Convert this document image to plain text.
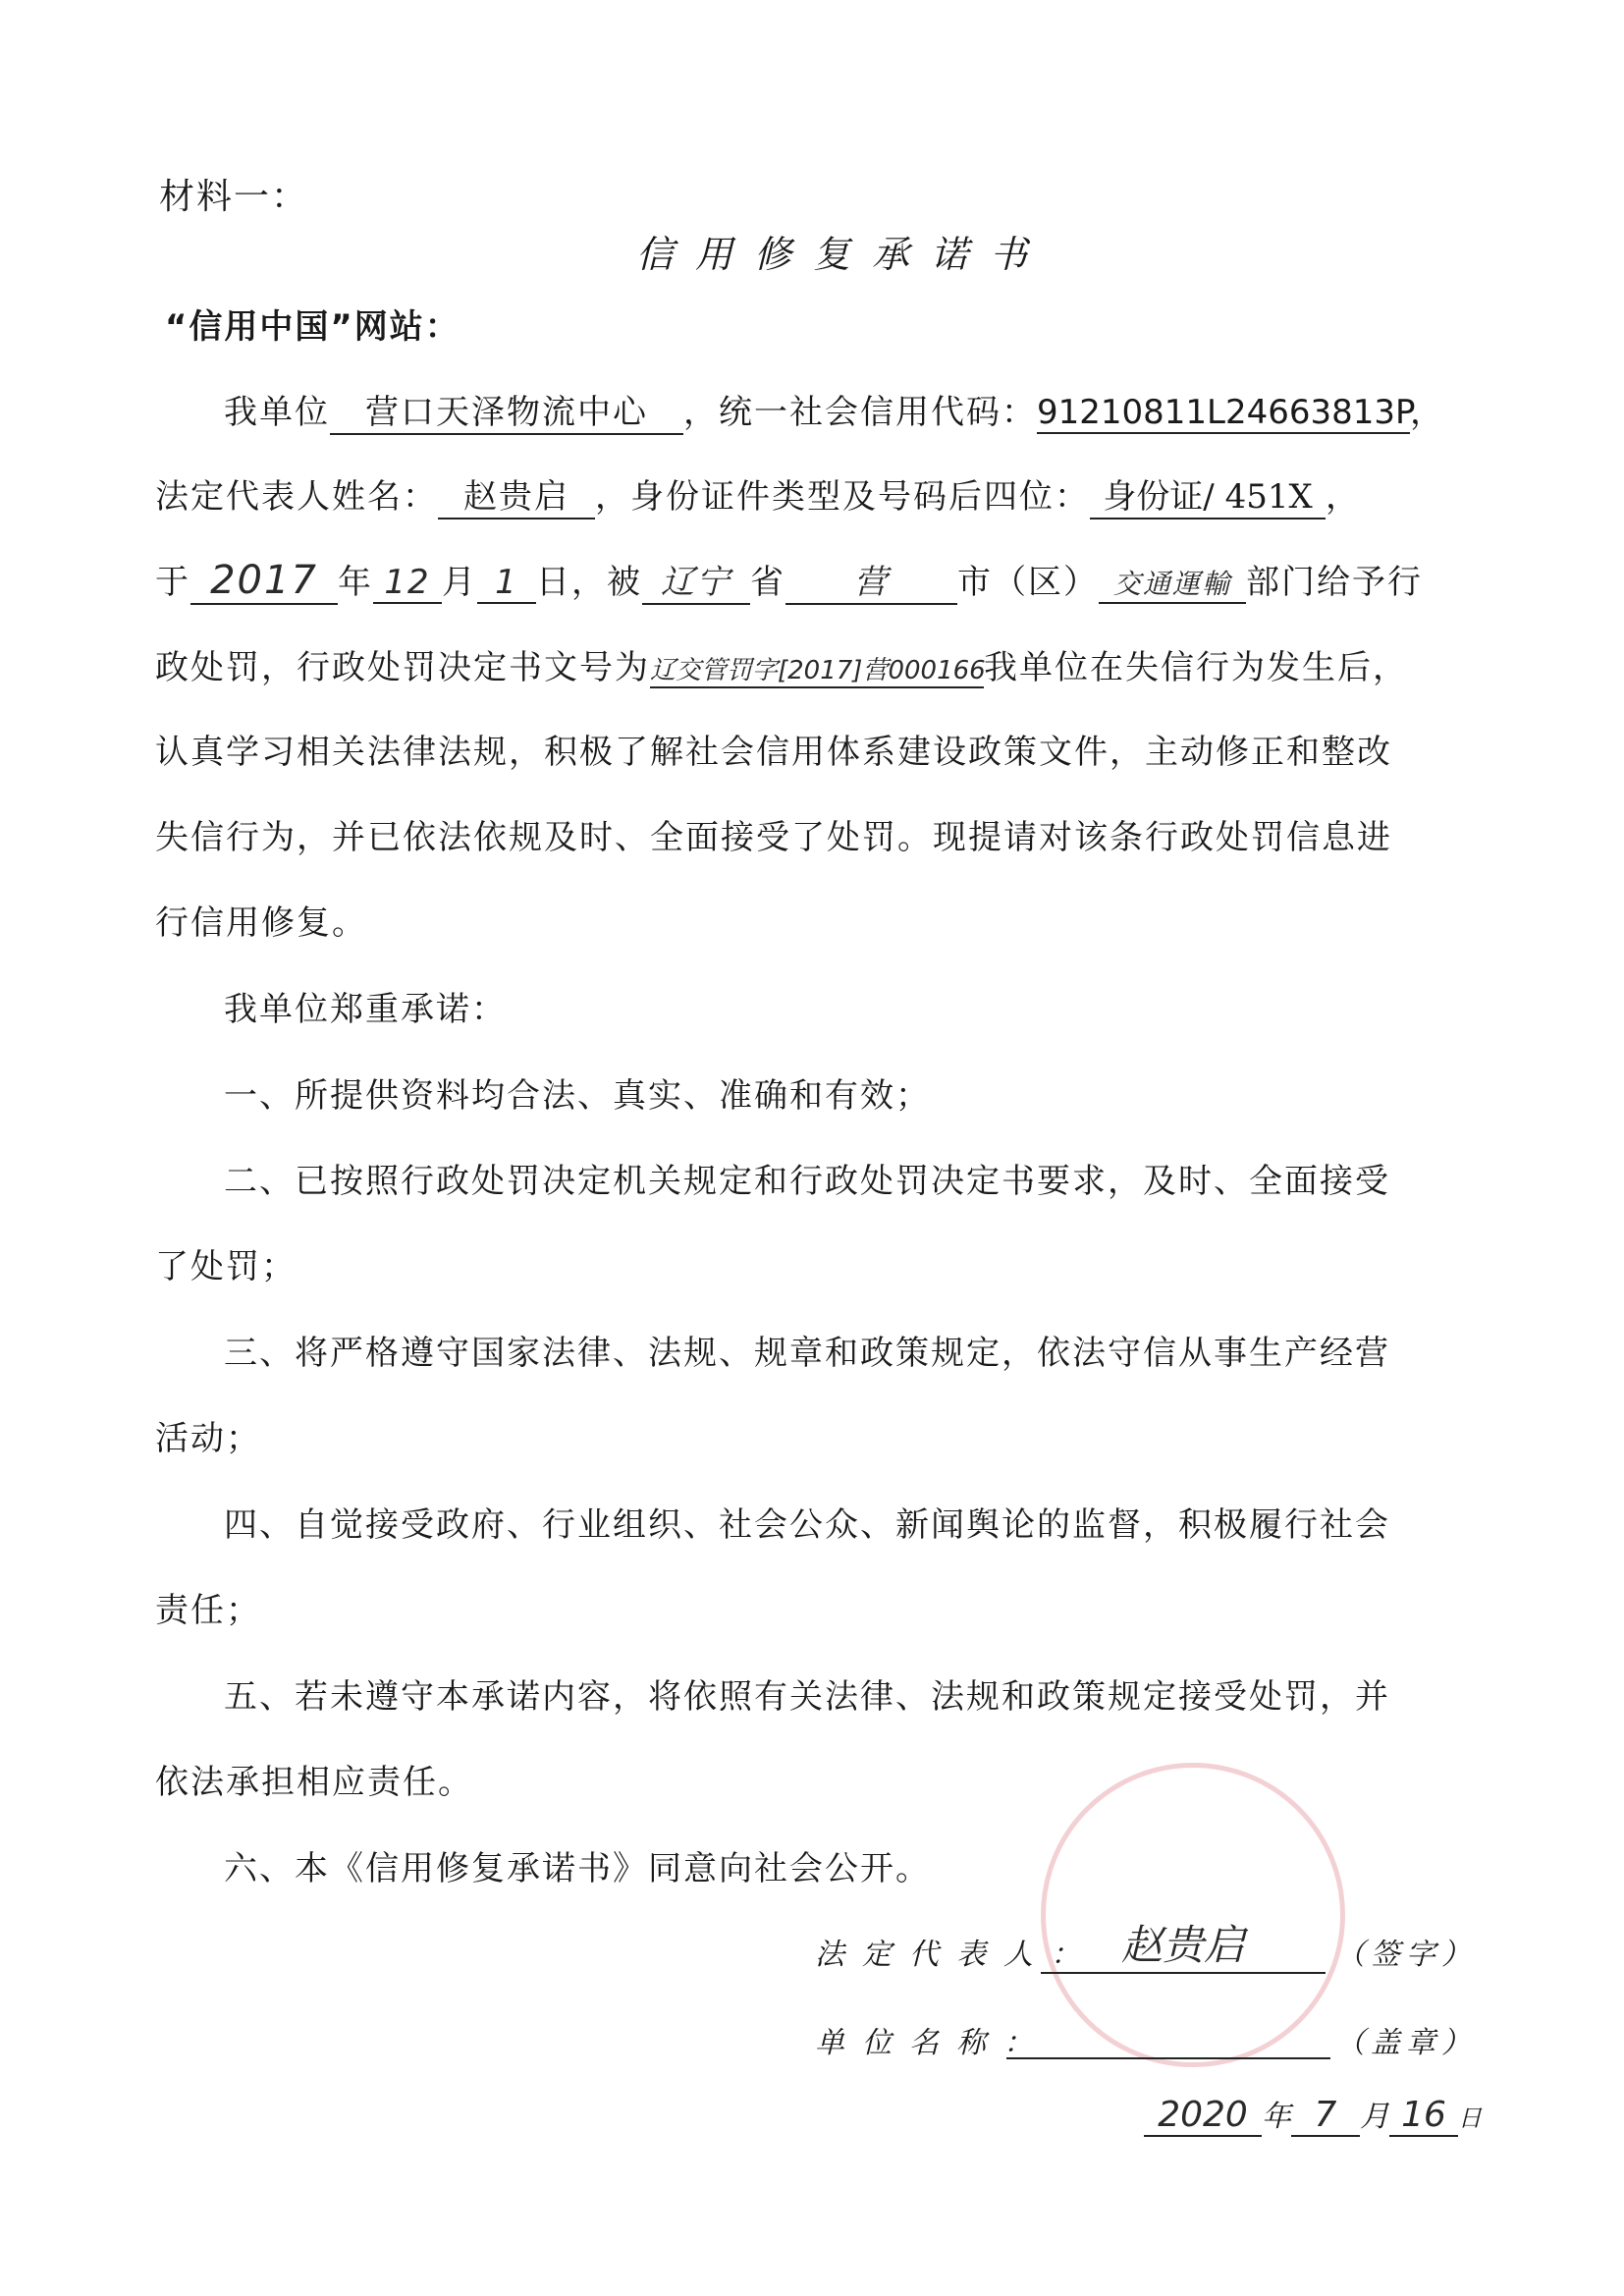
材料一：
信用修复承诺书
“信用中国”网站：
我单位 营口天泽物流中心 ，统一社会信用代码：91210811L24663813P，
法定代表人姓名： 赵贵启 ，身份证件类型及号码后四位： 身份证/ 451X ，
于 2017 年 12 月 1 日，被 辽宁 省 营 市（区） 交通運輸 部门给予行
政处罚，行政处罚决定书文号为辽交管罚字[2017]营000166我单位在失信行为发生后，
认真学习相关法律法规，积极了解社会信用体系建设政策文件，主动修正和整改
失信行为，并已依法依规及时、全面接受了处罚。现提请对该条行政处罚信息进
行信用修复。
我单位郑重承诺：
一、所提供资料均合法、真实、准确和有效；
二、已按照行政处罚决定机关规定和行政处罚决定书要求，及时、全面接受
了处罚；
三、将严格遵守国家法律、法规、规章和政策规定，依法守信从事生产经营
活动；
四、自觉接受政府、行业组织、社会公众、新闻舆论的监督，积极履行社会
责任；
五、若未遵守本承诺内容，将依照有关法律、法规和政策规定接受处罚，并
依法承担相应责任。
六、本《信用修复承诺书》同意向社会公开。
法定代表人： 赵贵启	（签字）
单位名称：	（盖章）
2020 年 7 月 16 日
